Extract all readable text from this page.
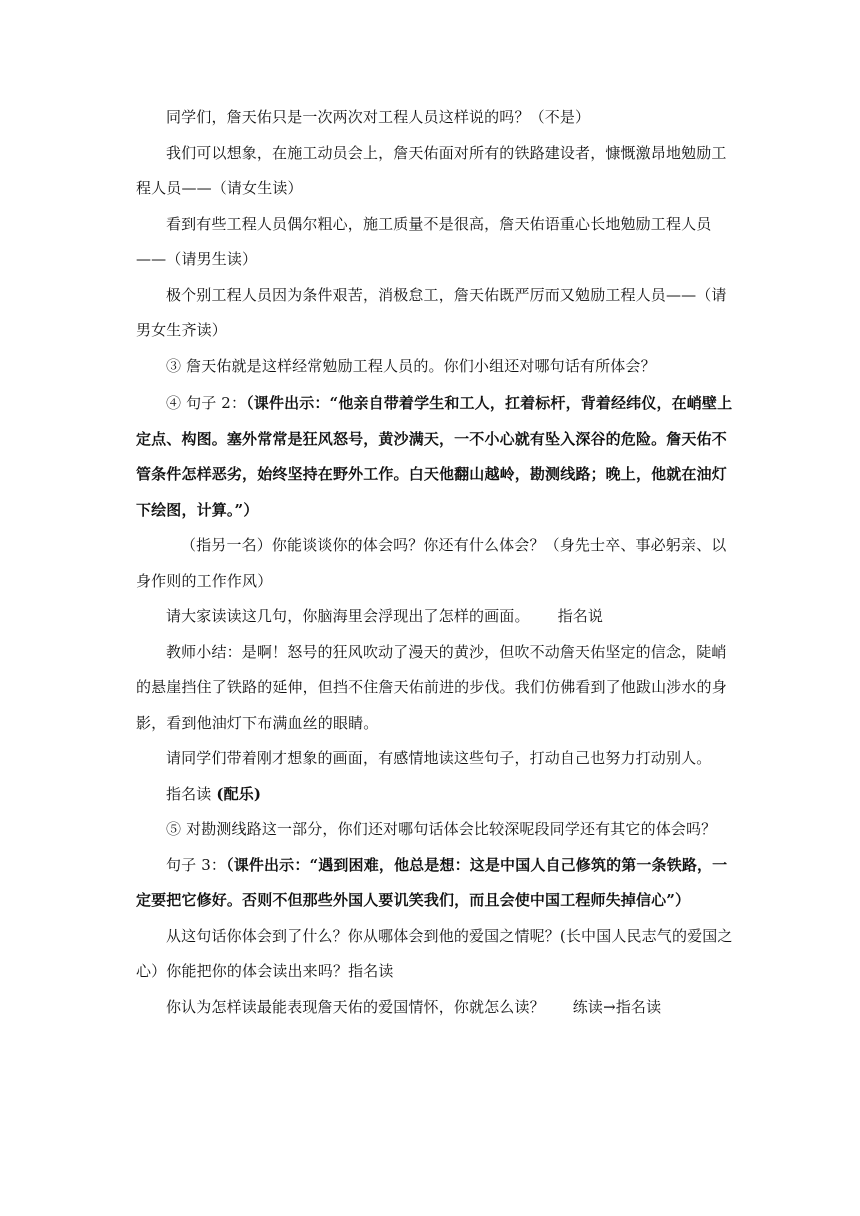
同学们，詹天佑只是一次两次对工程人员这样说的吗？（不是）

我们可以想象，在施工动员会上，詹天佑面对所有的铁路建设者，慷慨激昂地勉励工程人员——（请女生读）

看到有些工程人员偶尔粗心，施工质量不是很高，詹天佑语重心长地勉励工程人员——（请男生读）

极个别工程人员因为条件艰苦，消极怠工，詹天佑既严厉而又勉励工程人员——（请男女生齐读）

③ 詹天佑就是这样经常勉励工程人员的。你们小组还对哪句话有所体会？

④ 句子 2：（课件出示：“他亲自带着学生和工人，扛着标杆，背着经纬仪，在峭壁上定点、构图。塞外常常是狂风怒号，黄沙满天，一不小心就有坠入深谷的危险。詹天佑不管条件怎样恶劣，始终坚持在野外工作。白天他翻山越岭，勘测线路；晚上，他就在油灯下绘图，计算。”）

（指另一名）你能谈谈你的体会吗？你还有什么体会？（身先士卒、事必躬亲、以身作则的工作作风）

请大家读读这几句，你脑海里会浮现出了怎样的画面。 指名说

教师小结：是啊！怒号的狂风吹动了漫天的黄沙，但吹不动詹天佑坚定的信念，陡峭的悬崖挡住了铁路的延伸，但挡不住詹天佑前进的步伐。我们仿佛看到了他跋山涉水的身影，看到他油灯下布满血丝的眼睛。

请同学们带着刚才想象的画面，有感情地读这些句子，打动自己也努力打动别人。

指名读 (配乐)

⑤ 对勘测线路这一部分，你们还对哪句话体会比较深呢段同学还有其它的体会吗？

句子 3：（课件出示：“遇到困难，他总是想：这是中国人自己修筑的第一条铁路，一定要把它修好。否则不但那些外国人要讥笑我们，而且会使中国工程师失掉信心”）

从这句话你体会到了什么？你从哪体会到他的爱国之情呢？(长中国人民志气的爱国之心）你能把你的体会读出来吗？指名读

你认为怎样读最能表现詹天佑的爱国情怀，你就怎么读？ 练读→指名读
